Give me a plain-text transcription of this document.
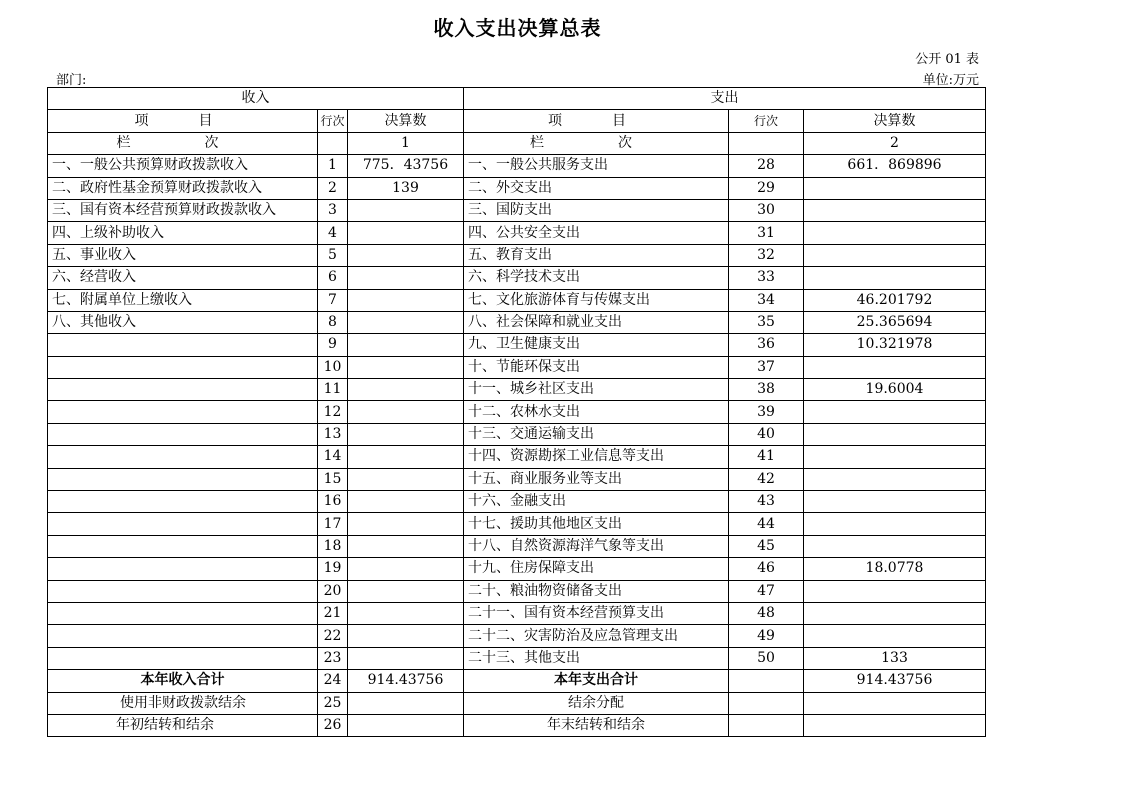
收入支出决算总表
公开 01 表
部门:	单位:万元
收入			支出		
项　目	行次	决算数	项　目	行次	决算数
栏　次		1	栏　次		2
一、一般公共预算财政拨款收入	1	775．43756	一、一般公共服务支出	28	661．869896
二、政府性基金预算财政拨款收入	2	139	二、外交支出	29	
三、国有资本经营预算财政拨款收入	3		三、国防支出	30	
四、上级补助收入	4		四、公共安全支出	31	
五、事业收入	5		五、教育支出	32	
六、经营收入	6		六、科学技术支出	33	
七、附属单位上缴收入	7		七、文化旅游体育与传媒支出	34	46.201792
八、其他收入	8		八、社会保障和就业支出	35	25.365694
	9		九、卫生健康支出	36	10.321978
	10		十、节能环保支出	37	
	11		十一、城乡社区支出	38	19.6004
	12		十二、农林水支出	39	
	13		十三、交通运输支出	40	
	14		十四、资源勘探工业信息等支出	41	
	15		十五、商业服务业等支出	42	
	16		十六、金融支出	43	
	17		十七、援助其他地区支出	44	
	18		十八、自然资源海洋气象等支出	45	
	19		十九、住房保障支出	46	18.0778
	20		二十、粮油物资储备支出	47	
	21		二十一、国有资本经营预算支出	48	
	22		二十二、灾害防治及应急管理支出	49	
	23		二十三、其他支出	50	133
本年收入合计	24	914.43756	本年支出合计		914.43756
使用非财政拨款结余	25		结余分配		
年初结转和结余	26		年末结转和结余		
